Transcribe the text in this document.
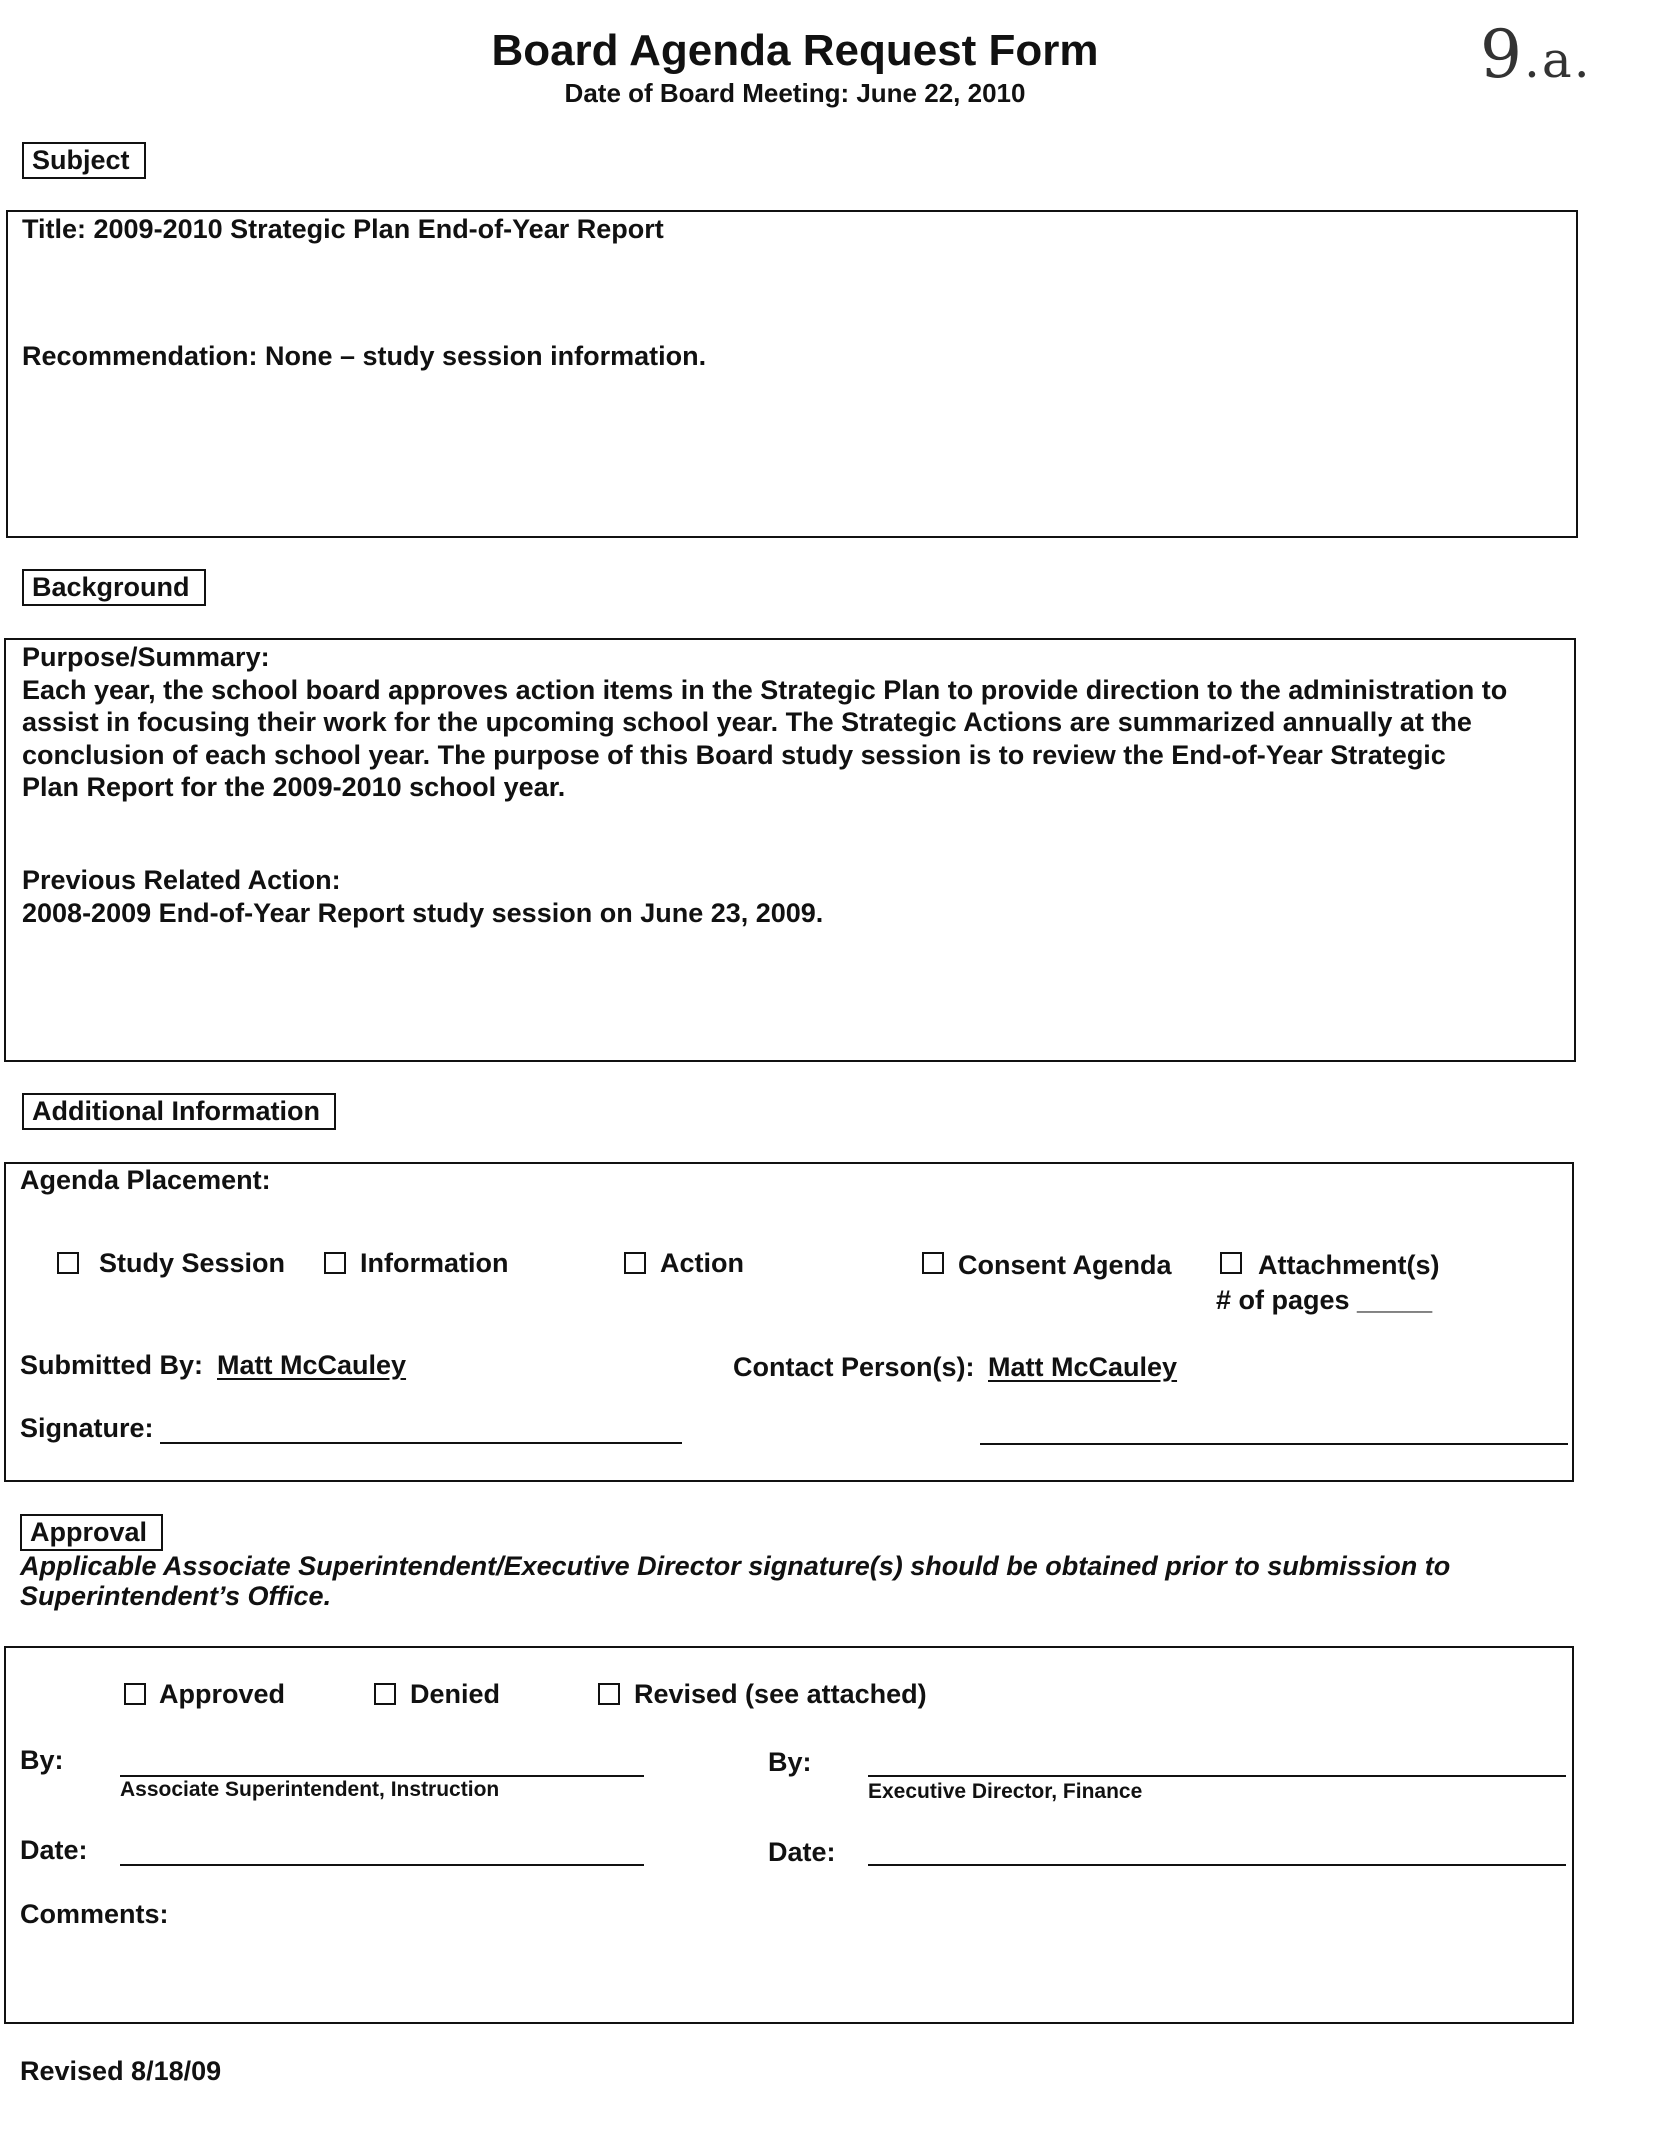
Board Agenda Request Form
Date of Board Meeting: June 22, 2010	9.a.
Subject
Title: 2009-2010 Strategic Plan End-of-Year Report
Recommendation: None – study session information.
Background
Purpose/Summary:
Each year, the school board approves action items in the Strategic Plan to provide direction to the administration to
assist in focusing their work for the upcoming school year. The Strategic Actions are summarized annually at the
conclusion of each school year. The purpose of this Board study session is to review the End-of-Year Strategic
Plan Report for the 2009-2010 school year.
Previous Related Action:
2008-2009 End-of-Year Report study session on June 23, 2009.
Additional Information
Agenda Placement:
Study Session	Information	Action	Consent Agenda	Attachment(s)
# of pages _____
Submitted By: Matt McCauley	Contact Person(s): Matt McCauley
Signature:
Approval
Applicable Associate Superintendent/Executive Director signature(s) should be obtained prior to submission to
Superintendent’s Office.
Approved	Denied	Revised (see attached)
By:
Associate Superintendent, Instruction
By:
Executive Director, Finance
Date:	Date:
Comments:
Revised 8/18/09
